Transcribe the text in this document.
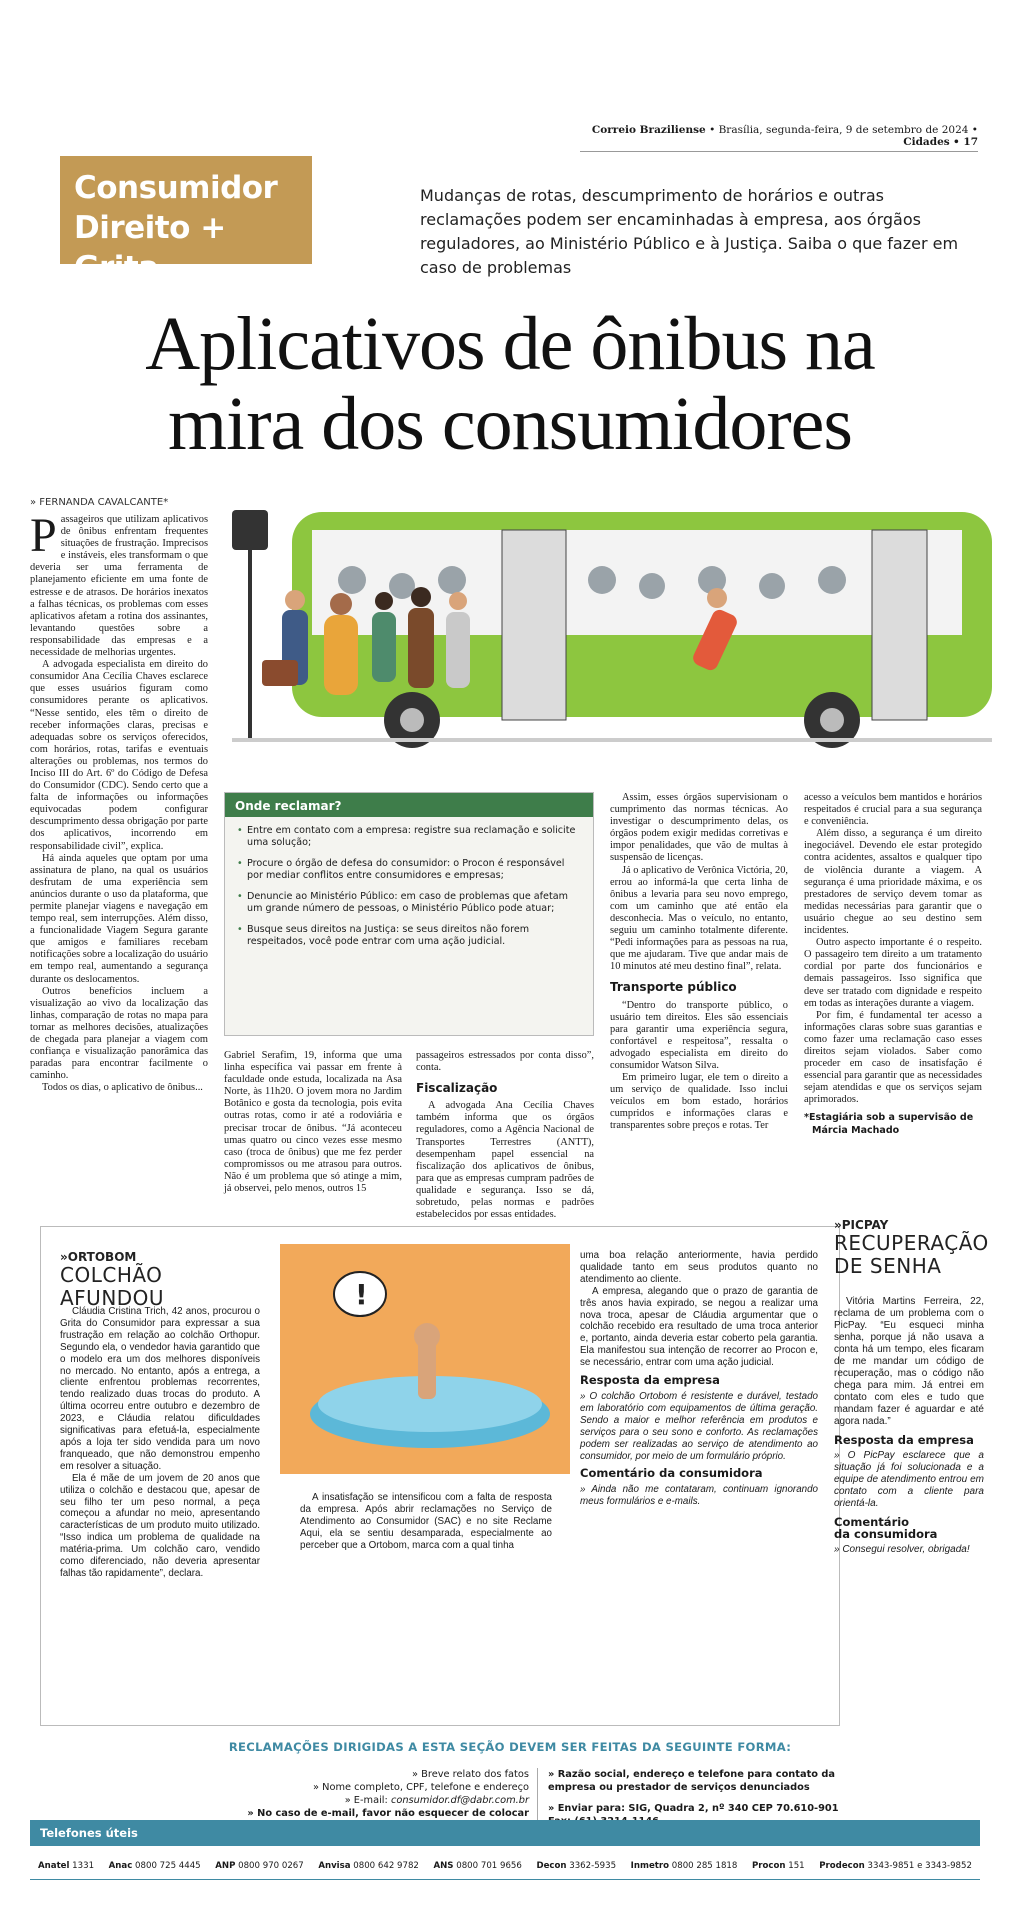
Correio Braziliense • Brasília, segunda-feira, 9 de setembro de 2024 • Cidades • 17
Consumidor
Direito + Grita
Mudanças de rotas, descumprimento de horários e outras reclamações podem ser encaminhadas à empresa, aos órgãos reguladores, ao Ministério Público e à Justiça. Saiba o que fazer em caso de problemas
Aplicativos de ônibus na
mira dos consumidores
» FERNANDA CAVALCANTE*

Passageiros que utilizam aplicativos de ônibus enfrentam frequentes situações de frustração. Imprecisos e instáveis, eles transformam o que deveria ser uma ferramenta de planejamento eficiente em uma fonte de estresse e de atrasos. De horários inexatos a falhas técnicas, os problemas com esses aplicativos afetam a rotina dos assinantes, levantando questões sobre a responsabilidade das empresas e a necessidade de melhorias urgentes.

A advogada especialista em direito do consumidor Ana Cecília Chaves esclarece que esses usuários figuram como consumidores perante os aplicativos. “Nesse sentido, eles têm o direito de receber informações claras, precisas e adequadas sobre os serviços oferecidos, com horários, rotas, tarifas e eventuais alterações ou problemas, nos termos do Inciso III do Art. 6º do Código de Defesa do Consumidor (CDC). Sendo certo que a falta de informações ou informações equivocadas podem configurar descumprimento dessa obrigação por parte dos aplicativos, incorrendo em responsabilidade civil”, explica.

Há ainda aqueles que optam por uma assinatura de plano, na qual os usuários desfrutam de uma experiência sem anúncios durante o uso da plataforma, que permite planejar viagens e navegação em tempo real, sem interrupções. Além disso, a funcionalidade Viagem Segura garante que amigos e familiares recebam notificações sobre a localização do usuário em tempo real, aumentando a segurança durante os deslocamentos.

Outros benefícios incluem a visualização ao vivo da localização das linhas, comparação de rotas no mapa para tornar as melhores decisões, atualizações de chegada para planejar a viagem com confiança e visualização panorâmica das paradas para encontrar facilmente o caminho.

Todos os dias, o aplicativo de ônibus...

Onde reclamar?
• Entre em contato com a empresa: registre sua reclamação e solicite uma solução;
• Procure o órgão de defesa do consumidor: o Procon é responsável por mediar conflitos entre consumidores e empresas;
• Denuncie ao Ministério Público: em caso de problemas que afetam um grande número de pessoas, o Ministério Público pode atuar;
• Busque seus direitos na Justiça: se seus direitos não forem respeitados, você pode entrar com uma ação judicial.

Gabriel Serafim, 19, informa que uma linha específica vai passar em frente à faculdade onde estuda, localizada na Asa Norte, às 11h20. O jovem mora no Jardim Botânico e gosta da tecnologia, pois evita outras rotas, como ir até a rodoviária e precisar trocar de ônibus. “Já aconteceu umas quatro ou cinco vezes esse mesmo caso (troca de ônibus) que me fez perder compromissos ou me atrasou para outros. Não é um problema que só atinge a mim, já observei, pelo menos, outros 15

passageiros estressados por conta disso”, conta.

Fiscalização

A advogada Ana Cecília Chaves também informa que os órgãos reguladores, como a Agência Nacional de Transportes Terrestres (ANTT), desempenham papel essencial na fiscalização dos aplicativos de ônibus, para que as empresas cumpram padrões de qualidade e segurança. Isso se dá, sobretudo, pelas normas e padrões estabelecidos por essas entidades.

Assim, esses órgãos supervisionam o cumprimento das normas técnicas. Ao investigar o descumprimento delas, os órgãos podem exigir medidas corretivas e impor penalidades, que vão de multas à suspensão de licenças.

Já o aplicativo de Verônica Victória, 20, errou ao informá-la que certa linha de ônibus a levaria para seu novo emprego, com um caminho que até então ela desconhecia. Mas o veículo, no entanto, seguiu um caminho totalmente diferente. “Pedi informações para as pessoas na rua, que me ajudaram. Tive que andar mais de 10 minutos até meu destino final”, relata.

Transporte público

“Dentro do transporte público, o usuário tem direitos. Eles são essenciais para garantir uma experiência segura, confortável e respeitosa”, ressalta o advogado especialista em direito do consumidor Watson Silva.

Em primeiro lugar, ele tem o direito a um serviço de qualidade. Isso inclui veículos em bom estado, horários cumpridos e informações claras e transparentes sobre preços e rotas. Ter

acesso a veículos bem mantidos e horários respeitados é crucial para a sua segurança e conveniência.

Além disso, a segurança é um direito inegociável. Devendo ele estar protegido contra acidentes, assaltos e qualquer tipo de violência durante a viagem. A segurança é uma prioridade máxima, e os prestadores de serviço devem tomar as medidas necessárias para garantir que o usuário chegue ao seu destino sem incidentes.

Outro aspecto importante é o respeito. O passageiro tem direito a um tratamento cordial por parte dos funcionários e demais passageiros. Isso significa que deve ser tratado com dignidade e respeito em todas as interações durante a viagem.

Por fim, é fundamental ter acesso a informações claras sobre suas garantias e como fazer uma reclamação caso esses direitos sejam violados. Saber como proceder em caso de insatisfação é essencial para garantir que as necessidades sejam atendidas e que os serviços sejam aprimorados.

*Estagiária sob a supervisão de
Márcia Machado
»ORTOBOM
COLCHÃO AFUNDOU

Cláudia Cristina Trich, 42 anos, procurou o Grita do Consumidor para expressar a sua frustração em relação ao colchão Orthopur. Segundo ela, o vendedor havia garantido que o modelo era um dos melhores disponíveis no mercado. No entanto, após a entrega, a cliente enfrentou problemas recorrentes, tendo realizado duas trocas do produto. A última ocorreu entre outubro e dezembro de 2023, e Cláudia relatou dificuldades significativas para efetuá-la, especialmente após a loja ter sido vendida para um novo franqueado, que não demonstrou empenho em resolver a situação.

Ela é mãe de um jovem de 20 anos que utiliza o colchão e destacou que, apesar de seu filho ter um peso normal, a peça começou a afundar no meio, apresentando características de um produto muito utilizado. “Isso indica um problema de qualidade na matéria-prima. Um colchão caro, vendido como diferenciado, não deveria apresentar falhas tão rapidamente”, declara.

!

A insatisfação se intensificou com a falta de resposta da empresa. Após abrir reclamações no Serviço de Atendimento ao Consumidor (SAC) e no site Reclame Aqui, ela se sentiu desamparada, especialmente ao perceber que a Ortobom, marca com a qual tinha

uma boa relação anteriormente, havia perdido qualidade tanto em seus produtos quanto no atendimento ao cliente.

A empresa, alegando que o prazo de garantia de três anos havia expirado, se negou a realizar uma nova troca, apesar de Cláudia argumentar que o colchão recebido era resultado de uma troca anterior e, portanto, ainda deveria estar coberto pela garantia. Ela manifestou sua intenção de recorrer ao Procon e, se necessário, entrar com uma ação judicial.

Resposta da empresa

» O colchão Ortobom é resistente e durável, testado em laboratório com equipamentos de última geração. Sendo a maior e melhor referência em produtos e serviços para o seu sono e conforto. As reclamações podem ser realizadas ao serviço de atendimento ao consumidor, por meio de um formulário próprio.

Comentário da consumidora

» Ainda não me contataram, continuam ignorando meus formulários e e-mails.

»PICPAY
RECUPERAÇÃO
DE SENHA

Vitória Martins Ferreira, 22, reclama de um problema com o PicPay. “Eu esqueci minha senha, porque já não usava a conta há um tempo, eles ficaram de me mandar um código de recuperação, mas o código não chega para mim. Já entrei em contato com eles e tudo que mandam fazer é aguardar e até agora nada.”

Resposta da empresa

» O PicPay esclarece que a situação já foi solucionada e a equipe de atendimento entrou em contato com a cliente para orientá-la.

Comentário
da consumidora

» Consegui resolver, obrigada!

RECLAMAÇÕES DIRIGIDAS A ESTA SEÇÃO DEVEM SER FEITAS DA SEGUINTE FORMA:
» Breve relato dos fatos
» Nome completo, CPF, telefone e endereço
» E-mail: consumidor.df@dabr.com.br
» No caso de e-mail, favor não esquecer de colocar
» Razão social, endereço e telefone para contato da empresa ou prestador de serviços denunciados
» Enviar para: SIG, Quadra 2, nº 340 CEP 70.610-901
Telefones úteis
Anatel 1331 Anac 0800 725 4445 ANP 0800 970 0267 Anvisa 0800 642 9782 ANS 0800 701 9656 Decon 3362-5935 Inmetro 0800 285 1818 Procon 151 Prodecon 3343-9851 e 3343-9852
